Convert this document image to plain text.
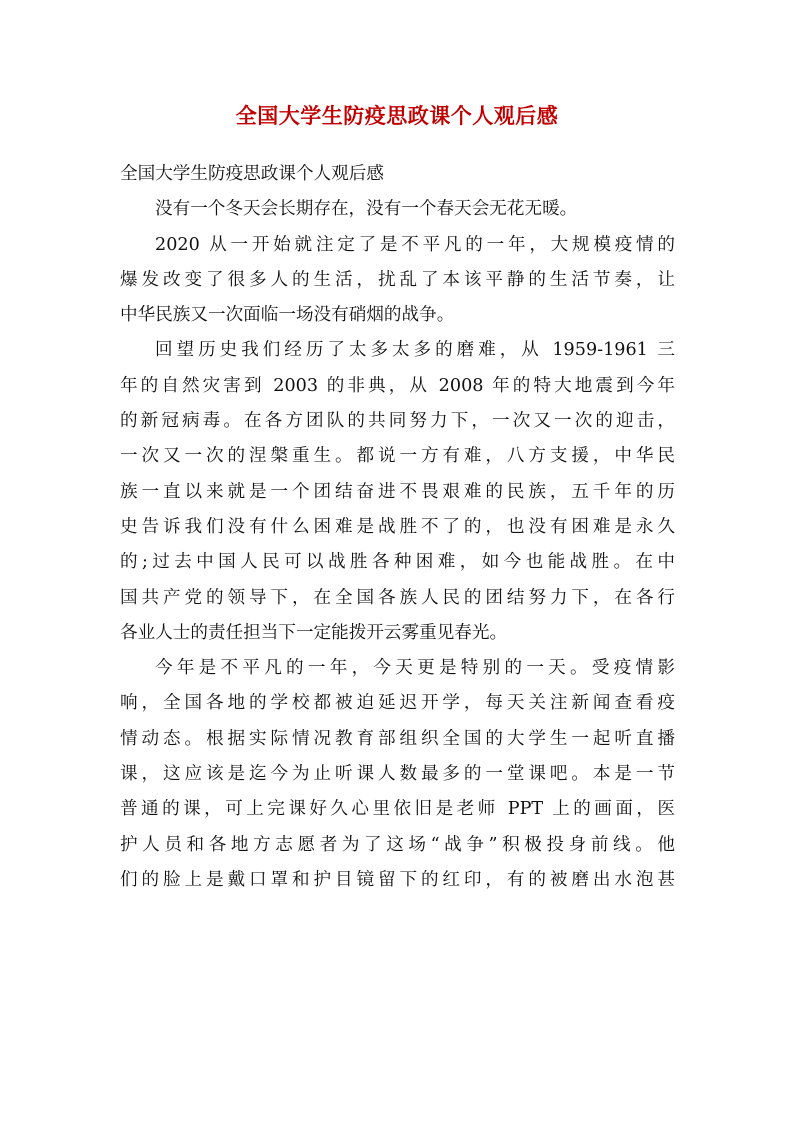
全国大学生防疫思政课个人观后感
全国大学生防疫思政课个人观后感
没有一个冬天会长期存在，没有一个春天会无花无暖。
2020 从一开始就注定了是不平凡的一年，大规模疫情的
爆发改变了很多人的生活，扰乱了本该平静的生活节奏，让
中华民族又一次面临一场没有硝烟的战争。
回望历史我们经历了太多太多的磨难，从 1959-1961 三
年的自然灾害到 2003 的非典，从 2008 年的特大地震到今年
的新冠病毒。在各方团队的共同努力下，一次又一次的迎击，
一次又一次的涅槃重生。都说一方有难，八方支援，中华民
族一直以来就是一个团结奋进不畏艰难的民族，五千年的历
史告诉我们没有什么困难是战胜不了的，也没有困难是永久
的;过去中国人民可以战胜各种困难，如今也能战胜。在中
国共产党的领导下，在全国各族人民的团结努力下，在各行
各业人士的责任担当下一定能拨开云雾重见春光。
今年是不平凡的一年，今天更是特别的一天。受疫情影
响，全国各地的学校都被迫延迟开学，每天关注新闻查看疫
情动态。根据实际情况教育部组织全国的大学生一起听直播
课，这应该是迄今为止听课人数最多的一堂课吧。本是一节
普通的课，可上完课好久心里依旧是老师 PPT 上的画面，医
护人员和各地方志愿者为了这场“战争”积极投身前线。他
们的脸上是戴口罩和护目镜留下的红印，有的被磨出水泡甚
